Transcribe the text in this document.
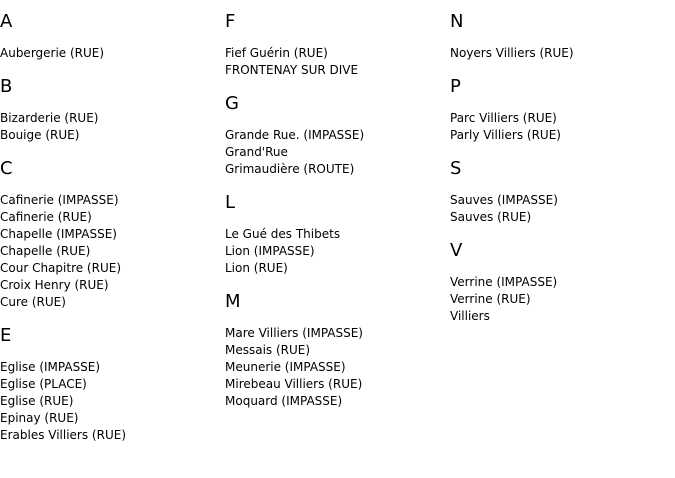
A
Aubergerie (RUE)
B
Bizarderie (RUE)
Bouige (RUE)
C
Cafinerie (IMPASSE)
Cafinerie (RUE)
Chapelle (IMPASSE)
Chapelle (RUE)
Cour Chapitre (RUE)
Croix Henry (RUE)
Cure (RUE)
E
Eglise (IMPASSE)
Eglise (PLACE)
Eglise (RUE)
Epinay (RUE)
Erables Villiers (RUE)
F
Fief Guérin (RUE)
FRONTENAY SUR DIVE
G
Grande Rue. (IMPASSE)
Grand'Rue
Grimaudière (ROUTE)
L
Le Gué des Thibets
Lion (IMPASSE)
Lion (RUE)
M
Mare Villiers (IMPASSE)
Messais (RUE)
Meunerie (IMPASSE)
Mirebeau Villiers (RUE)
Moquard (IMPASSE)
N
Noyers Villiers (RUE)
P
Parc Villiers (RUE)
Parly Villiers (RUE)
S
Sauves (IMPASSE)
Sauves (RUE)
V
Verrine (IMPASSE)
Verrine (RUE)
Villiers
